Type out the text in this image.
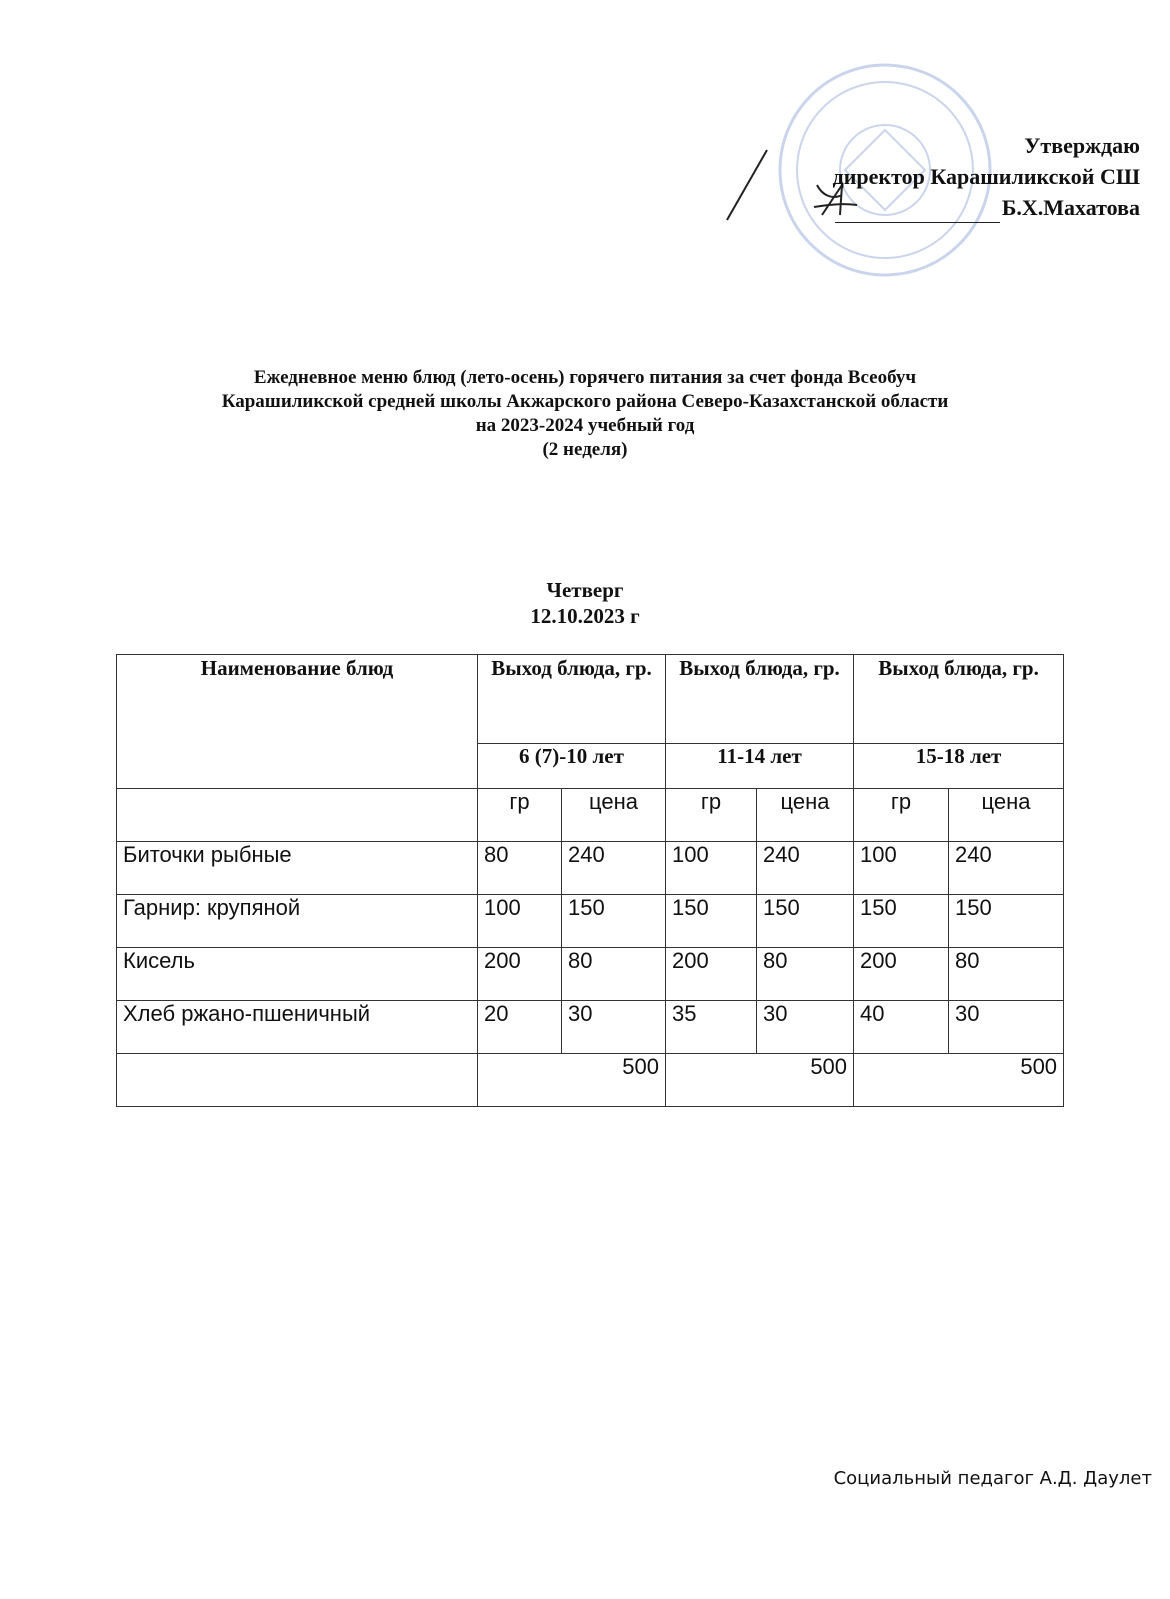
Утверждаю
директор Карашиликской СШ
Б.Х.Махатова
Ежедневное меню блюд (лето-осень) горячего питания за счет фонда Всеобуч
Карашиликской средней школы Акжарского района Северо-Казахстанской области
на 2023-2024 учебный год
(2 неделя)
Четверг
12.10.2023 г
Наименование блюд	Выход блюда, гр.		Выход блюда, гр.		Выход блюда, гр.	
	6 (7)-10 лет		11-14 лет		15-18 лет	
	гр	цена	гр	цена	гр	цена
Биточки рыбные	80	240	100	240	100	240
Гарнир: крупяной	100	150	150	150	150	150
Кисель	200	80	200	80	200	80
Хлеб ржано-пшеничный	20	30	35	30	40	30
	500		500		500	
Социальный педагог А.Д. Даулет
